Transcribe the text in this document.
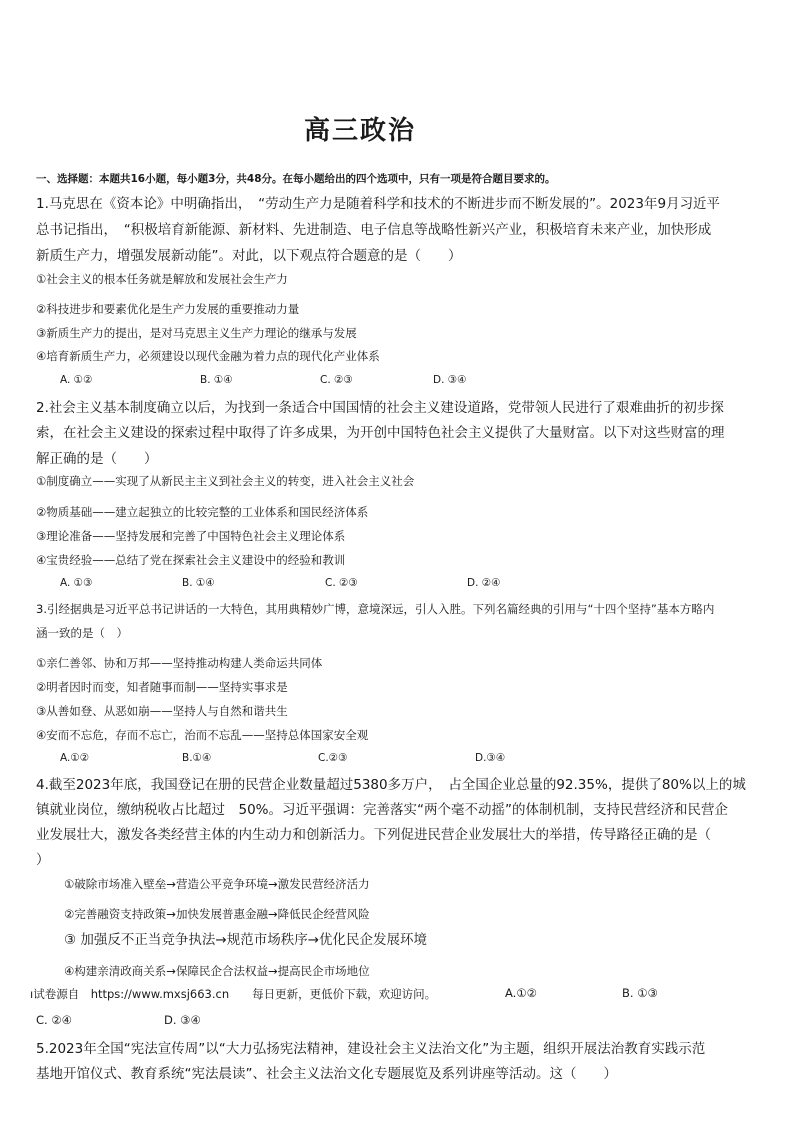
高三政治
一、选择题：本题共16小题，每小题3分，共48分。在每小题给出的四个选项中，只有一项是符合题目要求的。
1.马克思在《资本论》中明确指出，　“劳动生产力是随着科学和技术的不断进步而不断发展的”。2023年9月习近平
总书记指出，　“积极培育新能源、新材料、先进制造、电子信息等战略性新兴产业，积极培育未来产业，加快形成
新质生产力，增强发展新动能”。对此，以下观点符合题意的是（　　）
①社会主义的根本任务就是解放和发展社会生产力
②科技进步和要素优化是生产力发展的重要推动力量
③新质生产力的提出，是对马克思主义生产力理论的继承与发展
④培育新质生产力，必须建设以现代金融为着力点的现代化产业体系
A. ①②	B. ①④	C. ②③	D. ③④
2.社会主义基本制度确立以后，为找到一条适合中国国情的社会主义建设道路，党带领人民进行了艰难曲折的初步探
索，在社会主义建设的探索过程中取得了许多成果，为开创中国特色社会主义提供了大量财富。以下对这些财富的理
解正确的是（　　）
①制度确立——实现了从新民主主义到社会主义的转变，进入社会主义社会
②物质基础——建立起独立的比较完整的工业体系和国民经济体系
③理论准备——坚持发展和完善了中国特色社会主义理论体系
④宝贵经验——总结了党在探索社会主义建设中的经验和教训
A. ①③	B. ①④	C. ②③	D. ②④
3.引经据典是习近平总书记讲话的一大特色，其用典精妙广博，意境深远，引人入胜。下列名篇经典的引用与“十四个坚持”基本方略内
涵一致的是（　）
①亲仁善邻、协和万邦——坚持推动构建人类命运共同体
②明者因时而变，知者随事而制——坚持实事求是
③从善如登、从恶如崩——坚持人与自然和谐共生
④安而不忘危，存而不忘亡，治而不忘乱——坚持总体国家安全观
A.①②	B.①④	C.②③	D.③④
4.截至2023年底，我国登记在册的民营企业数量超过5380多万户，　占全国企业总量的92.35%，提供了80%以上的城
镇就业岗位，缴纳税收占比超过　50%。习近平强调：完善落实“两个毫不动摇”的体制机制，支持民营经济和民营企
业发展壮大，激发各类经营主体的内生动力和创新活力。下列促进民营企业发展壮大的举措，传导路径正确的是（
）
①破除市场准入壁垒→营造公平竞争环境→激发民营经济活力
②完善融资支持政策→加快发展普惠金融→降低民企经营风险
③ 加强反不正当竞争执法→规范市场秩序→优化民企发展环境
④构建亲清政商关系→保障民企合法权益→提高民企市场地位
ı试卷源自　https://www.mxsj663.cn　　每日更新，更低价下载，欢迎访问。	A.①②	B. ①③
C. ②④	D. ③④
5.2023年全国“宪法宣传周”以“大力弘扬宪法精神，建设社会主义法治文化”为主题，组织开展法治教育实践示范
基地开馆仪式、教育系统“宪法晨读”、社会主义法治文化专题展览及系列讲座等活动。这（　　）
